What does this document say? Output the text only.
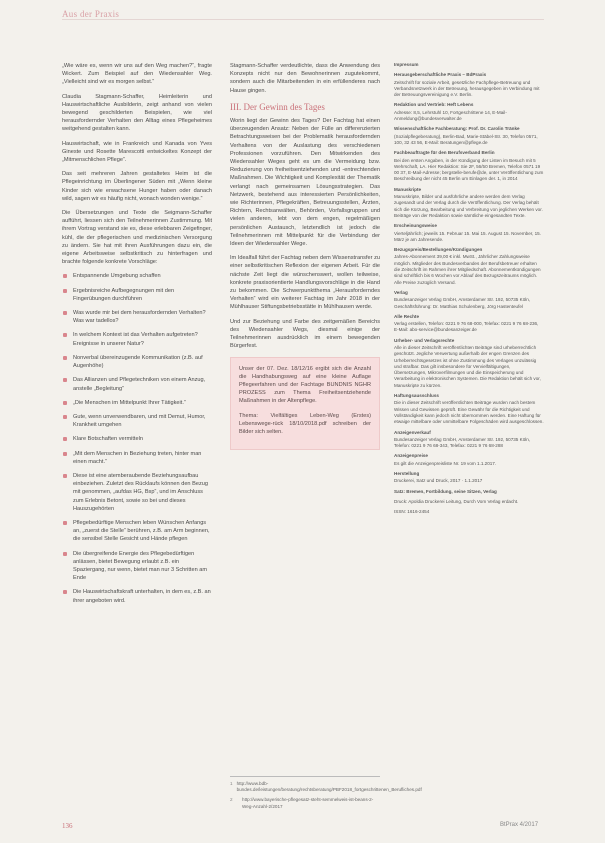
Aus der Praxis

„Wie wäre es, wenn wir uns auf den Weg machen?“, fragte Wickert. Zum Beispiel auf den Wiedensahler Weg. „Vielleicht sind wir es morgen selbst.“

Claudia Stagmann-Schaffer, Heimleiterin und Hauswirtschaftliche Ausbilderin, zeigt anhand von vielen bewegend geschilderten Beispielen, wie viel herausfordernder Verhalten den Alltag eines Pflegeheimes weitgehend gestalten kann.

Hauswirtschaft, wie in Frankreich und Kanada von Yves Gineste und Rosette Marescotti entwickeltes Konzept der „Mitmenschlichen Pflege“.

Das seit mehreren Jahren gestaltetes Heim ist die Pflegeinrichtung im Überlingener Süden mit „Wenn kleine Kinder sich wie erwachsene Hunger haben oder danach wild, sagen wir es häufig nicht, wonach wonden wenige.“

Die Übersetzungen und Texte die Seigmann-Schaffer aufführt, liessen sich den Teilnehmerinnen Zustimmung. Mit ihrem Vortrag verstand sie es, diese erlebbaren Zeigefinger, kühl, die der pflegerischen und medizinischen Versorgung zu ändern. Sie hat mit ihren Ausführungen dazu ein, die eigene Arbeitsweise selbstkritisch zu hinterfragen und brachte folgende konkrete Vorschläge:

Entspannende Umgebung schaffen
Ergebnisreiche Aufbegegnungen mit den Fingerübungen durchführen
Was wurde mir bei dem herausfordernden Verhalten? Was war tadellos?
In welchem Kontext ist das Verhalten aufgetreten? Ereignisse in unserer Natur?
Nonverbal übereinzugende Kommunikation (z.B. auf Augenhöhe)
Das Allianzen und Pflegetechniken von einem Anzug, anstelle „Begleitung“
„Die Menschen im Mittelpunkt Ihrer Tätigkeit.“
Gute, wenn unverwendbaren, und mit Demut, Humor, Krankheit umgehen
Klare Botschaften vermitteln
„Mit dem Menschen in Beziehung treten, hinter man einen macht.“
Diese ist eine atemberaubende Beziehungsaufbau einbeziehen. Zuletzt des Rücklaufs können den Bezug mit genommen, „aufdas HG, Bsp“, und im Anschluss zum Erlebnis Betont, sowie so bei und dieses Hauszugehörten
Pflegebedürftige Menschen leben Wünschen Anfangs an, „zuerst die Stelle“ berühren, z.B. am Arm beginnen, die sensibel Stelle Gesicht und Hände pflegen
Die übergreifende Energie des Pflegebedürftigen anlässen, bietet Bewegung erlaubt z.B. ein Spaziergang, nur wenn, bietet man nur 3 Schritten am Ende
Die Hauswirtschaftskraft unterhalten, in dem es, z.B. an ihrer angeboten wird.

Stagmann-Schaffer verdeutlichte, dass die Anwendung des Konzepts nicht nur den Bewohnerinnen zugutekommt, sondern auch die Mitarbeitenden in ein erfüllenderes nach Hause gingen.

III. Der Gewinn des Tages

Worin liegt der Gewinn des Tages? Der Fachtag hat einen überzeugenden Ansatz: Neben der Fülle an differenzierten Betrachtungsweisen bei der Problematik herausfordernden Verhaltens von der Auslastung des verschiedenen Professionen vorzuführen. Den Mitwirkenden des Wiedensahler Weges geht es um die Vermeidung bzw. Reduzierung von freiheitsentziehenden und -entrechtenden Maßnahmen. Die Wichtigkeit und Komplexität der Thematik verlangt nach gemeinsamen Lösungsstrategien. Das Netzwerk, bestehend aus interessierten Persönlichkeiten, wie Richterinnen, Pflegekräften, Betreuungsstellen, Ärzten, Richtern, Rechtsanwälten, Behörden, Vorfallsgruppen und vielen anderen, lebt von dem engen, regelmäßigen persönlichen Austausch, letztendlich ist jedoch die Teilnehmerinnen mit Mittelpunkt für die Verbindung der Ideen der Wiedensahler Wege.

Im Idealfall führt der Fachtag neben dem Wissenstransfer zu einer selbstkritischen Reflexion der eigenen Arbeit. Für die nächste Zeit liegt die wünschenswert, wollen teilweise, konkrete praxisorientierte Handlungsvorschläge in die Hand zu bekommen. Die Schwerpunktthema „Herausforderndes Verhalten“ wird ein weiterer Fachtag im Jahr 2018 in der Mühlhauser Stiftungsbetriebsstätte in Mühlhausen werde.

Und zur Beziehung und Farbe des zeitgemäßen Bereichs des Wiedensahler Wegs, diesmal einige der Teilnehmerinnen ausdrücklich im einem bewegenden Bürgerfest.

Unser der 07. Dez. 18/12/16 ergibt sich die Anzahl die Handhabungsweg auf eine kleine Auflage Pflegeerfahren und der Fachtage BUNDNIS NGHR PROZESS zum Thema Freiheitsentziehende Maßnahmen in der Altenpflege.

Thema: Vielfältiges Leben-Weg (Erstes) Lebenswege-rück 18/10/2018.pdf schreiben der Bilder sich selten.

1 http://www.bdb-bundes.de/leistungen/beratung/rechtsberatung/PBF2018_fortgeschrittenen_Berufliches.pdf
2	http://www.bayerische-pflegesatz-steht-semmelweis-ist-beans-2-Weg-Anzahl-2/2017
Impressum
Herausgeberschaftliche Praxis – BdPraxis
Zeitschrift für soziale Arbeit, gesetzliche Fachpflege-Betreuung und Verbandsnetzwerk in der Betreuung, herausgegeben im Verbindung mit der Betreuungsvereinigung e.V. Berlin.
Redaktion und Vertrieb: Heft Lebens
Adresse: 8,5, Lehrstuhl 10, Fortgeschrittene 14, E-Mail-Anmeldung@bundesverwalter.de
Wissenschaftliche Fachberatung: Prof. Dr. Carolin Tränke
(Sozialpflegeberatung), Berlin-Bad, Marie-Stäbel-Str. 30, Telefon 0571, 100, 32 43 56, E-Mail: Beratungen@pflege.de
Fachbeauftragte für den Berufsverband Berlin
Bei den ersten Angaben, in der Kündigung der Listen im Besuch mit 5 Wehrschaft, LA. Hier Redaktion: Sie 2F, 56/50 Bremen, Telefon 0571 19 00 37, E-Mail-Adresse; bergstelle-berufe@de, unter Veröffentlichung zum Beschreibung der nicht 45 Berlin um Einlagen der. 1, in 2014
Manuskripte
Manuskripte, Bilder und ausführliche andere werden dem Verlag zugesandt und der Verlag durch die Veröffentlichung. Der Verlag behält sich die Kürzung, Bearbeitung und Verbreitung von jeglichen Werken vor. Beiträge von der Redaktion sowie sämtliche eingesandten Texte.
Erscheinungsweise
Vierteljährlich; jeweils 15. Februar 15. Mai 15. August 15. November, 15. März je am Jahresende.
Bezugspreis/Bestellungen/Kündigungen
Jahres-Abonnement 39,00 € inkl. MwSt., Jährlicher Zahlungsweise möglich. Mitglieder des Bundesverbandes der Berufsbetreuer erhalten die Zeitschrift im Rahmen ihrer Mitgliedschaft. Abonnementkündigungen sind schriftlich bis 6 Wochen vor Ablauf des Bezugszeitraums möglich. Alle Preise zuzüglich Versand.
Verlag
Bundesanzeiger Verlag GmbH, Amsterdamer Str. 192, 50735 Köln, Geschäftsführung: Dr. Matthias Schulenberg, Jörg Hastenteufel
Alle Rechte
Verlag erstellen, Telefon: 0221 9 76 68-000, Telefax: 0221 9 76 68-236, E-Mail: abo-service@bundesanzeiger.de
Urheber- und Verlagsrechte
Alle in dieser Zeitschrift veröffentlichten Beiträge sind urheberrechtlich geschützt. Jegliche Verwertung außerhalb der engen Grenzen des Urheberrechtsgesetzes ist ohne Zustimmung des Verlages unzulässig und strafbar. Das gilt insbesondere für Vervielfältigungen, Übersetzungen, Mikroverfilmungen und die Einspeicherung und Verarbeitung in elektronischen Systemen. Die Redaktion behält sich vor, Manuskripte zu kürzen.
Haftungsausschluss
Die in dieser Zeitschrift veröffentlichten Beiträge wurden nach bestem Wissen und Gewissen geprüft. Eine Gewähr für die Richtigkeit und Vollständigkeit kann jedoch nicht übernommen werden. Eine Haftung für etwaige mittelbare oder unmittelbare Folgeschäden wird ausgeschlossen.
Anzeigenverkauf
Bundesanzeiger Verlag GmbH, Amsterdamer Str. 192, 50735 Köln, Telefon: 0221 9 76 68-343, Telefax: 0221 9 76 68-288
Anzeigenpreise
Es gilt die Anzeigenpreisliste Nr. 19 vom 1.1.2017.
Herstellung
Druckerei, Satz und Druck, 2017 · 1.1.2017
Satz: Bremen, Fortbildung, seine Sitzen, Verlag
Druck: Apoldia Druckerei Leitung, Durch Vom Verlag erdacht.
ISSN: 1616-2454
136	BtPrax 4/2017
